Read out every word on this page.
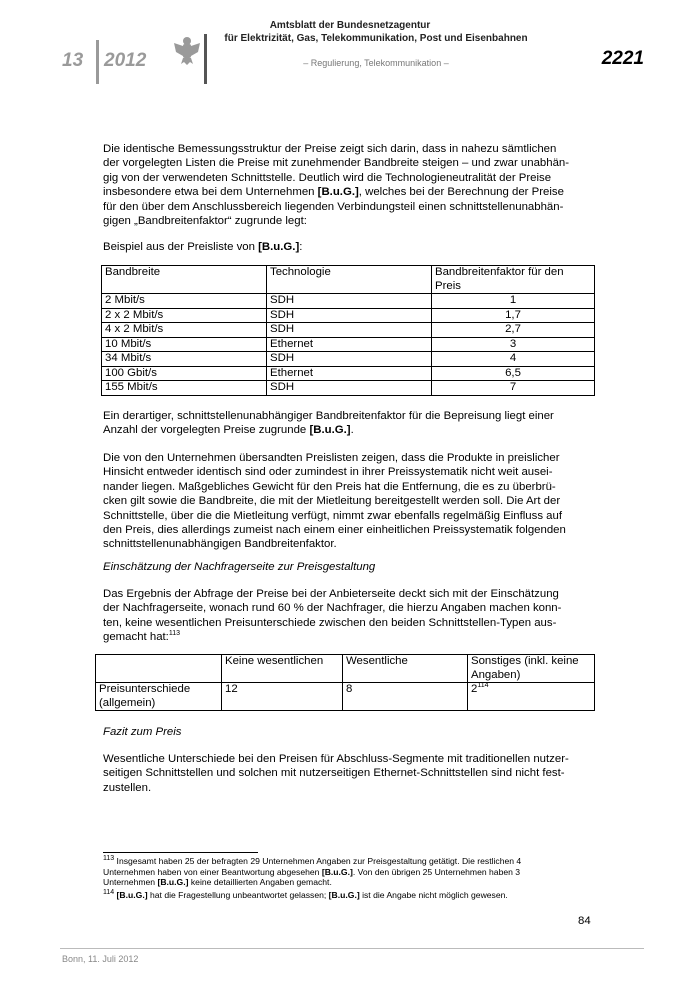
13 2012
Amtsblatt der Bundesnetzagentur
für Elektrizität, Gas, Telekommunikation, Post und Eisenbahnen
– Regulierung, Telekommunikation –	2221
Die identische Bemessungsstruktur der Preise zeigt sich darin, dass in nahezu sämtlichen
der vorgelegten Listen die Preise mit zunehmender Bandbreite steigen – und zwar unabhän-
gig von der verwendeten Schnittstelle. Deutlich wird die Technologieneutralität der Preise
insbesondere etwa bei dem Unternehmen [B.u.G.], welches bei der Berechnung der Preise
für den über dem Anschlussbereich liegenden Verbindungsteil einen schnittstellenunabhän-
gigen „Bandbreitenfaktor“ zugrunde legt:
Beispiel aus der Preisliste von [B.u.G.]:
Bandbreite	Technologie	Bandbreitenfaktor für den Preis
2 Mbit/s	SDH	1
2 x 2 Mbit/s	SDH	1,7
4 x 2 Mbit/s	SDH	2,7
10 Mbit/s	Ethernet	3
34 Mbit/s	SDH	4
100 Gbit/s	Ethernet	6,5
155 Mbit/s	SDH	7
Ein derartiger, schnittstellenunabhängiger Bandbreitenfaktor für die Bepreisung liegt einer
Anzahl der vorgelegten Preise zugrunde [B.u.G.].
Die von den Unternehmen übersandten Preislisten zeigen, dass die Produkte in preislicher
Hinsicht entweder identisch sind oder zumindest in ihrer Preissystematik nicht weit ausei-
nander liegen. Maßgebliches Gewicht für den Preis hat die Entfernung, die es zu überbrü-
cken gilt sowie die Bandbreite, die mit der Mietleitung bereitgestellt werden soll. Die Art der
Schnittstelle, über die die Mietleitung verfügt, nimmt zwar ebenfalls regelmäßig Einfluss auf
den Preis, dies allerdings zumeist nach einem einer einheitlichen Preissystematik folgenden
schnittstellenunabhängigen Bandbreitenfaktor.
Einschätzung der Nachfragerseite zur Preisgestaltung
Das Ergebnis der Abfrage der Preise bei der Anbieterseite deckt sich mit der Einschätzung
der Nachfragerseite, wonach rund 60 % der Nachfrager, die hierzu Angaben machen konn-
ten, keine wesentlichen Preisunterschiede zwischen den beiden Schnittstellen-Typen aus-
gemacht hat:$^{113}$
	Keine wesentlichen	Wesentliche	Sonstiges (inkl. keine Angaben)
Preisunterschiede (allgemein)	12	8	$2^{114}$
Fazit zum Preis
Wesentliche Unterschiede bei den Preisen für Abschluss-Segmente mit traditionellen nutzer-
seitigen Schnittstellen und solchen mit nutzerseitigen Ethernet-Schnittstellen sind nicht fest-
zustellen.
$^{113}$ Insgesamt haben 25 der befragten 29 Unternehmen Angaben zur Preisgestaltung getätigt. Die restlichen 4
Unternehmen haben von einer Beantwortung abgesehen [B.u.G.]. Von den übrigen 25 Unternehmen haben 3
Unternehmen [B.u.G.] keine detaillierten Angaben gemacht.
$^{114}$ [B.u.G.] hat die Fragestellung unbeantwortet gelassen; [B.u.G.] ist die Angabe nicht möglich gewesen.
84
Bonn, 11. Juli 2012
